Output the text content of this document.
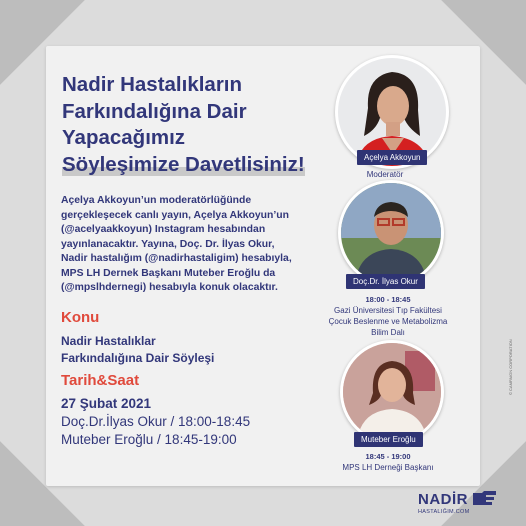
Nadir Hastalıkların
Farkındalığına Dair
Yapacağımız
Söyleşimize Davetlisiniz!
Açelya Akkoyun’un moderatörlüğünde
gerçekleşecek canlı yayın, Açelya Akkoyun’un
(@acelyaakkoyun) Instagram hesabından
yayınlanacaktır. Yayına, Doç. Dr. İlyas Okur,
Nadir hastalığım (@nadirhastaligim) hesabıyla,
MPS LH Dernek Başkanı Muteber Eroğlu da
(@mpslhdernegi) hesabıyla konuk olacaktır.
Konu
Nadir Hastalıklar
Farkındalığına Dair Söyleşi
Tarih&Saat
27 Şubat 2021
Doç.Dr.İlyas Okur / 18:00-18:45
Muteber Eroğlu / 18:45-19:00
Açelya Akkoyun
Moderatör
Doç.Dr. İlyas Okur
18:00 - 18:45
Gazi Üniversitesi Tıp Fakültesi
Çocuk Beslenme ve Metabolizma
Bilim Dalı
Muteber Eroğlu
18:45 - 19:00
MPS LH Derneği Başkanı
NADİR
HASTALIĞIM.COM
© CAMPAIGN CORPORATION
